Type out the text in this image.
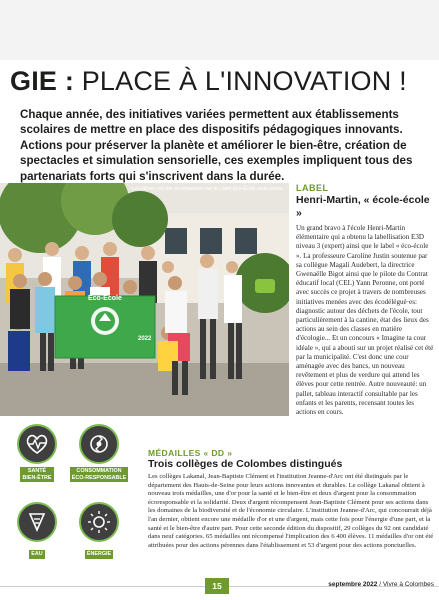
GIE : PLACE À L'INNOVATION !
Chaque année, des initiatives variées permettent aux établissements scolaires de mettre en place des dispositifs pédagogiques innovants. Actions pour préserver la planète et améliorer le bien-être, création de spectacles et simulation sensorielle, ces exemples impliquent tous des partenariats forts qui s'inscrivent dans la durée.
Les élèves ont été récompensés par le Label Éco-École cette année
Eco-École
2022
LABEL
Henri-Martin, « école-école »

Un grand bravo à l'école Henri-Martin élémentaire qui a obtenu la labellisation E3D niveau 3 (expert) ainsi que le label « éco-école ». La professeure Caroline Justin soutenue par sa collègue Magali Audebert, la directrice Gwenaëlle Bigot ainsi que le pilote du Contrat éducatif local (CEL) Yann Peronne, ont porté avec succès ce projet à travers de nombreuses initiatives menées avec des écodélégué·es: diagnostic autour des déchets de l'école, tout particulièrement à la cantine, état des lieux des actions au sein des classes en matière d'écologie... Et un concours « Imagine ta cour idéale », qui a abouti sur un projet réalisé cet été par la municipalité. C'est donc une cour aménagée avec des bancs, un nouveau revêtement et plus de verdure qui attend les élèves pour cette rentrée. Autre nouveauté: un pallet, tableau interactif consultable par les enfants et les parents, recensant toutes les actions en cours.

SANTÉ
BIEN-ÊTRE
CONSOMMATION
ÉCO-RESPONSABLE
EAU	ÉNERGIE
MÉDAILLES « DD »
Trois collèges de Colombes distingués

Les collèges Lakanal, Jean-Baptiste Clément et l'institution Jeanne-d'Arc ont été distingués par le département des Hauts-de-Seine pour leurs actions innovantes et durables. Le collège Lakanal obtient à nouveau trois médailles, une d'or pour la santé et le bien-être et deux d'argent pour la consommation écoresponsable et la solidarité. Deux d'argent récompensent Jean-Baptiste Clément pour ses actions dans les domaines de la biodiversité et de l'économie circulaire. L'institution Jeanne-d'Arc, qui concourrait déjà l'an dernier, obtient encore une médaille d'or et une d'argent, mais cette fois pour l'énergie d'une part, et la santé et le bien-être d'autre part. Pour cette seconde édition du dispositif, 29 collèges du 92 ont candidaté dans neuf catégories. 65 médailles ont récompensé l'implication des 6 400 élèves. 11 médailles d'or ont été attribuées pour des actions pérennes dans l'établissement et 53 d'argent pour des actions ponctuelles.

15	septembre 2022 / Vivre à Colombes
